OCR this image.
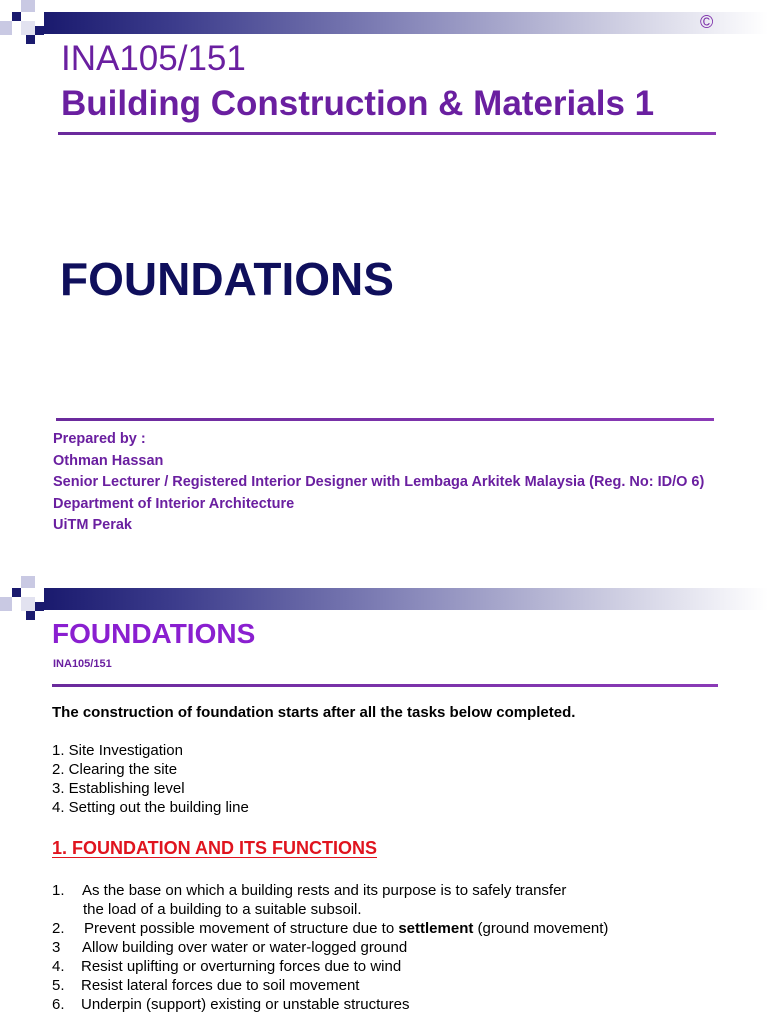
©
INA105/151
Building Construction & Materials 1
FOUNDATIONS
Prepared by :
Othman Hassan
Senior Lecturer / Registered Interior Designer with Lembaga Arkitek Malaysia (Reg. No: ID/O 6)
Department of Interior Architecture
UiTM Perak
FOUNDATIONS
INA105/151
The construction of foundation starts after all the tasks below completed.
1. Site Investigation
2. Clearing the site
3. Establishing level
4. Setting out the building line
1. FOUNDATION AND ITS FUNCTIONS
1. As the base on which a building rests and its purpose is to safely transfer
the load of a building to a suitable subsoil.
2. Prevent possible movement of structure due to settlement (ground movement)
3 Allow building over water or water-logged ground
4. Resist uplifting or overturning forces due to wind
5. Resist lateral forces due to soil movement
6. Underpin (support) existing or unstable structures
